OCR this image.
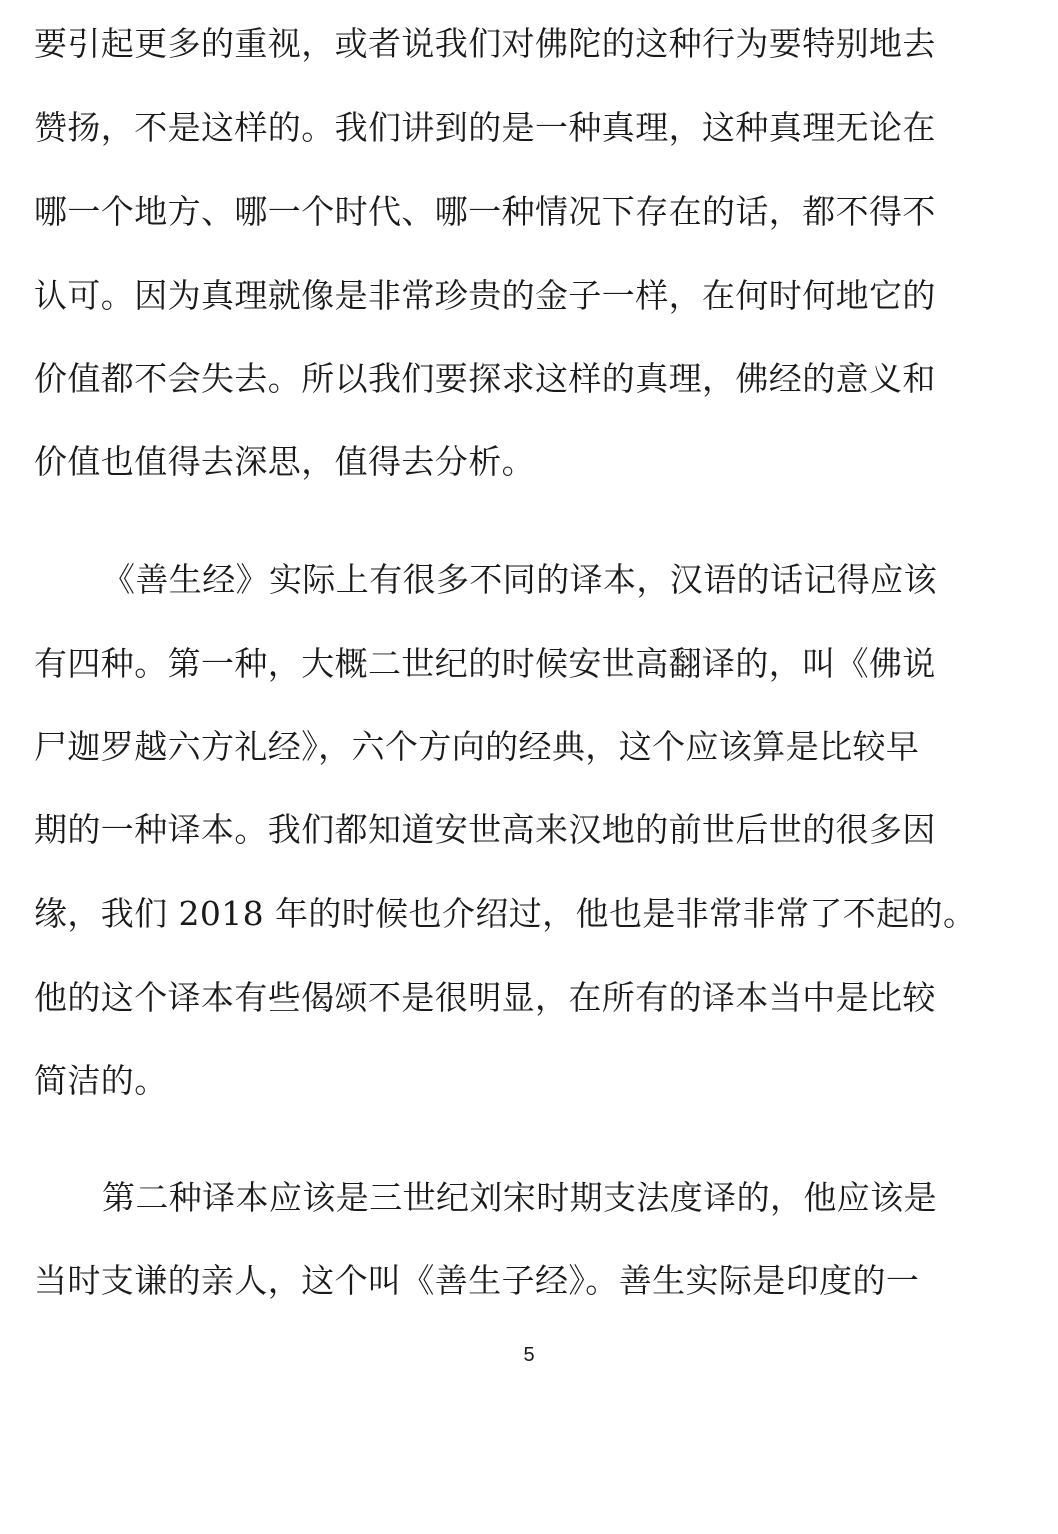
要引起更多的重视，或者说我们对佛陀的这种行为要特别地去
赞扬，不是这样的。我们讲到的是一种真理，这种真理无论在
哪一个地方、哪一个时代、哪一种情况下存在的话，都不得不
认可。因为真理就像是非常珍贵的金子一样，在何时何地它的
价值都不会失去。所以我们要探求这样的真理，佛经的意义和
价值也值得去深思，值得去分析。
《善生经》实际上有很多不同的译本，汉语的话记得应该
有四种。第一种，大概二世纪的时候安世高翻译的，叫《佛说
尸迦罗越六方礼经》，六个方向的经典，这个应该算是比较早
期的一种译本。我们都知道安世高来汉地的前世后世的很多因
缘，我们 2018 年的时候也介绍过，他也是非常非常了不起的。
他的这个译本有些偈颂不是很明显，在所有的译本当中是比较
简洁的。
第二种译本应该是三世纪刘宋时期支法度译的，他应该是
当时支谦的亲人，这个叫《善生子经》。善生实际是印度的一
5
